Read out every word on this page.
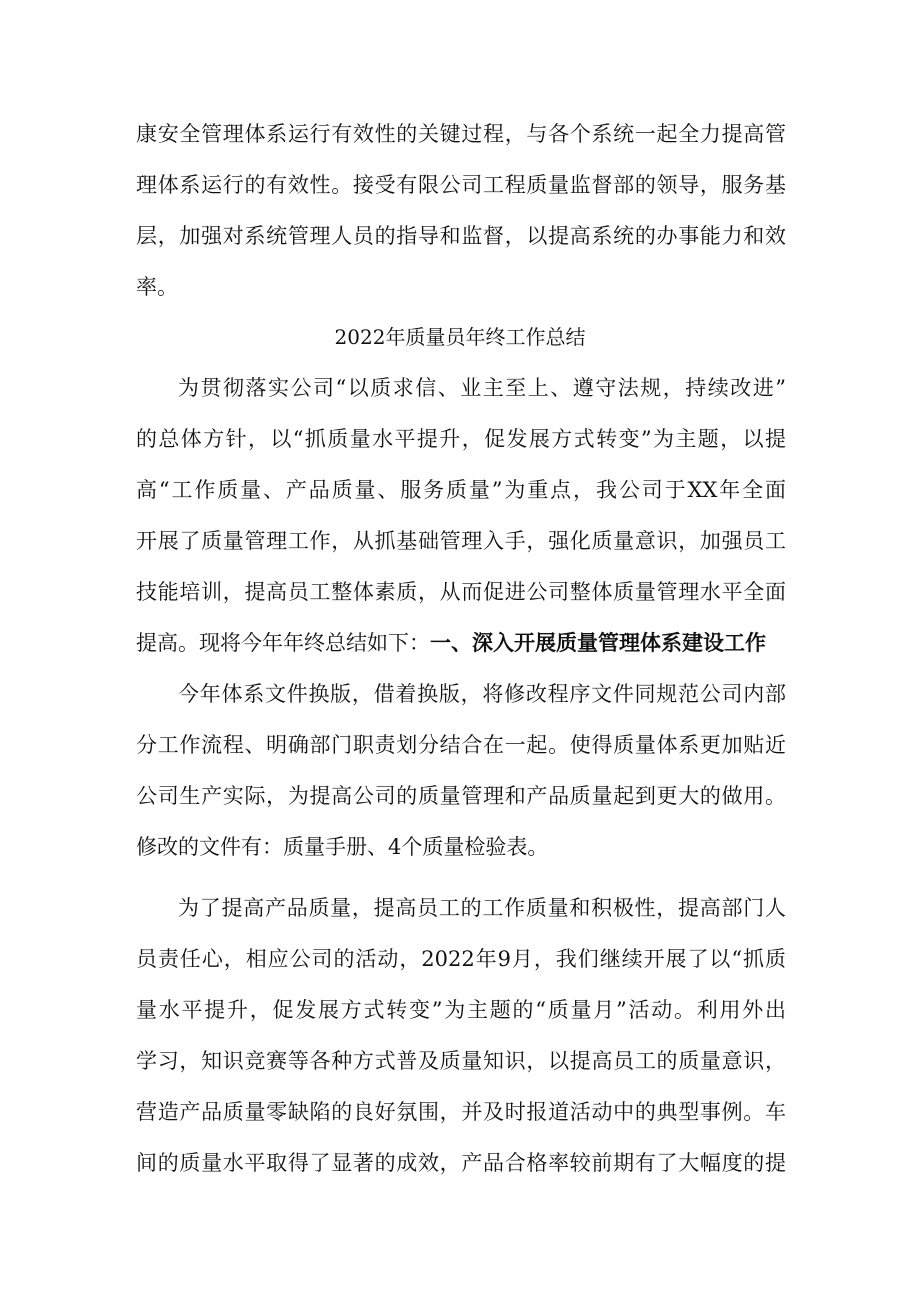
康安全管理体系运行有效性的关键过程，与各个系统一起全力提高管
理体系运行的有效性。接受有限公司工程质量监督部的领导，服务基
层，加强对系统管理人员的指导和监督，以提高系统的办事能力和效
率。
2022年质量员年终工作总结
为贯彻落实公司“以质求信、业主至上、遵守法规，持续改进”
的总体方针，以“抓质量水平提升，促发展方式转变”为主题，以提
高“工作质量、产品质量、服务质量”为重点，我公司于XX年全面
开展了质量管理工作，从抓基础管理入手，强化质量意识，加强员工
技能培训，提高员工整体素质，从而促进公司整体质量管理水平全面
提高。现将今年年终总结如下：一、深入开展质量管理体系建设工作
今年体系文件换版，借着换版，将修改程序文件同规范公司内部
分工作流程、明确部门职责划分结合在一起。使得质量体系更加贴近
公司生产实际，为提高公司的质量管理和产品质量起到更大的做用。
修改的文件有：质量手册、4个质量检验表。
为了提高产品质量，提高员工的工作质量和积极性，提高部门人
员责任心，相应公司的活动，2022年9月，我们继续开展了以“抓质
量水平提升，促发展方式转变”为主题的“质量月”活动。利用外出
学习，知识竞赛等各种方式普及质量知识，以提高员工的质量意识，
营造产品质量零缺陷的良好氛围，并及时报道活动中的典型事例。车
间的质量水平取得了显著的成效，产品合格率较前期有了大幅度的提
